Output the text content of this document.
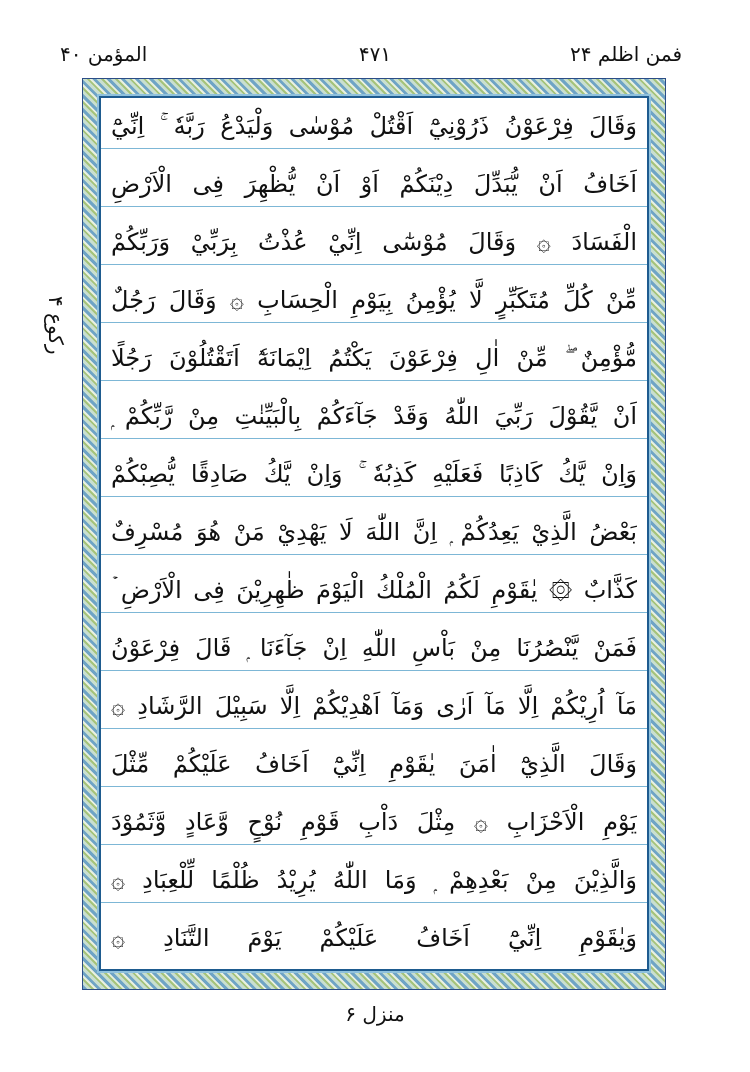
المؤمن ۴۰	۴۷۱	فمن اظلم ۲۴
رکوع ۴
وَقَالَ فِرْعَوْنُ ذَرُوْنِيْٓ اَقْتُلْ مُوْسٰى وَلْيَدْعُ رَبَّهٗ ۚ اِنِّيْٓ
اَخَافُ اَنْ يُّبَدِّلَ دِيْنَكُمْ اَوْ اَنْ يُّظْهِرَ فِى الْاَرْضِ
الْفَسَادَ ۞ وَقَالَ مُوْسٰٓى اِنِّيْ عُذْتُ بِرَبِّيْ وَرَبِّكُمْ
مِّنْ كُلِّ مُتَكَبِّرٍ لَّا يُؤْمِنُ بِيَوْمِ الْحِسَابِ ۞ وَقَالَ رَجُلٌ
مُّؤْمِنٌ ۖ مِّنْ اٰلِ فِرْعَوْنَ يَكْتُمُ اِيْمَانَهٗٓ اَتَقْتُلُوْنَ رَجُلًا
اَنْ يَّقُوْلَ رَبِّيَ اللّٰهُ وَقَدْ جَآءَكُمْ بِالْبَيِّنٰتِ مِنْ رَّبِّكُمْ ۭ
وَاِنْ يَّكُ كَاذِبًا فَعَلَيْهِ كَذِبُهٗ ۚ وَاِنْ يَّكُ صَادِقًا يُّصِبْكُمْ
بَعْضُ الَّذِيْ يَعِدُكُمْ ۭ اِنَّ اللّٰهَ لَا يَهْدِيْ مَنْ هُوَ مُسْرِفٌ
كَذَّابٌ ۞ يٰقَوْمِ لَكُمُ الْمُلْكُ الْيَوْمَ ظٰهِرِيْنَ فِى الْاَرْضِ ۡ
فَمَنْ يَّنْصُرُنَا مِنْ بَاْسِ اللّٰهِ اِنْ جَآءَنَا ۭ قَالَ فِرْعَوْنُ
مَآ اُرِيْكُمْ اِلَّا مَآ اَرٰى وَمَآ اَهْدِيْكُمْ اِلَّا سَبِيْلَ الرَّشَادِ ۞
وَقَالَ الَّذِيْٓ اٰمَنَ يٰقَوْمِ اِنِّيْٓ اَخَافُ عَلَيْكُمْ مِّثْلَ
يَوْمِ الْاَحْزَابِ ۞ مِثْلَ دَاْبِ قَوْمِ نُوْحٍ وَّعَادٍ وَّثَمُوْدَ
وَالَّذِيْنَ مِنْ بَعْدِهِمْ ۭ وَمَا اللّٰهُ يُرِيْدُ ظُلْمًا لِّلْعِبَادِ ۞
وَيٰقَوْمِ اِنِّيْٓ اَخَافُ عَلَيْكُمْ يَوْمَ التَّنَادِ ۞
منزل ۶
